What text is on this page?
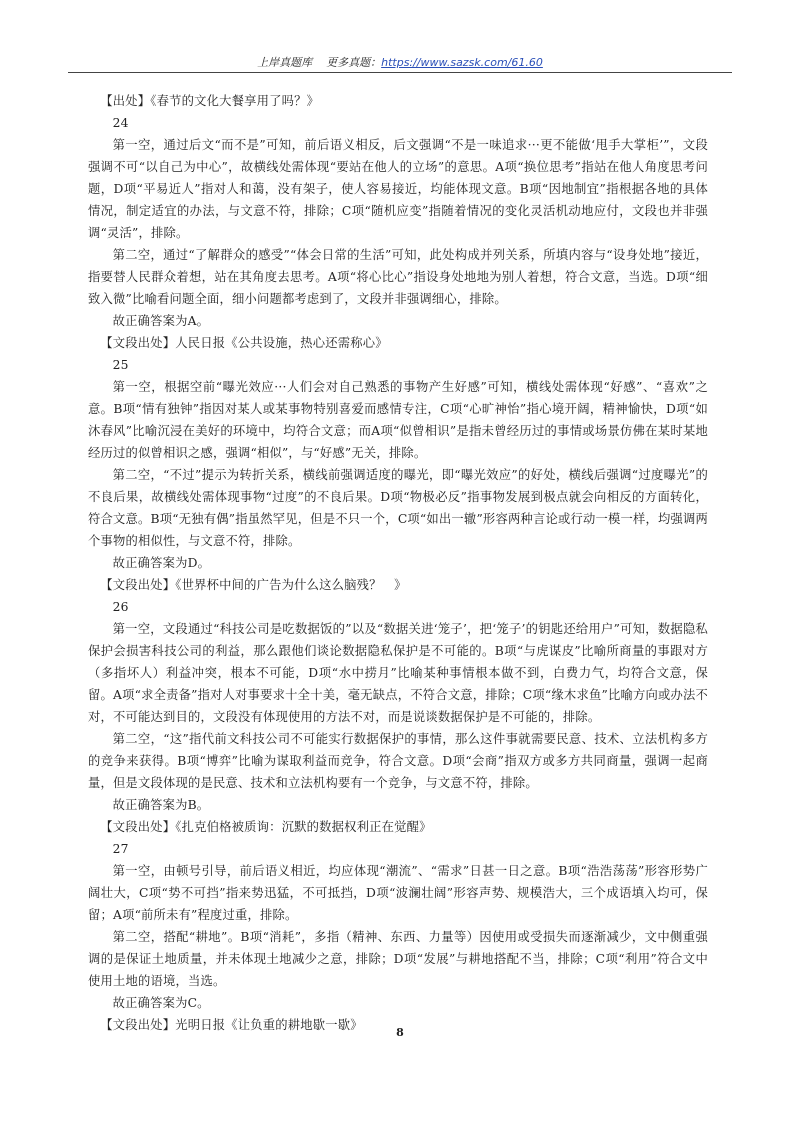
上岸真题库 更多真题：https://www.sazsk.com/61.60

【出处】《春节的文化大餐享用了吗？》

24

第一空，通过后文“而不是”可知，前后语义相反，后文强调“不是一味追求···更不能做‘甩手大掌柜’”，文段强调不可“以自己为中心”，故横线处需体现“要站在他人的立场”的意思。A项“换位思考”指站在他人角度思考问题，D项“平易近人”指对人和蔼，没有架子，使人容易接近，均能体现文意。B项“因地制宜”指根据各地的具体情况，制定适宜的办法，与文意不符，排除；C项“随机应变”指随着情况的变化灵活机动地应付，文段也并非强调“灵活”，排除。

第二空，通过“了解群众的感受”“体会日常的生活”可知，此处构成并列关系，所填内容与“设身处地”接近，指要替人民群众着想，站在其角度去思考。A项“将心比心”指设身处地地为别人着想，符合文意，当选。D项“细致入微”比喻看问题全面，细小问题都考虑到了，文段并非强调细心，排除。

故正确答案为A。

【文段出处】人民日报《公共设施，热心还需称心》

25

第一空，根据空前“曝光效应···人们会对自己熟悉的事物产生好感”可知，横线处需体现“好感”、“喜欢”之意。B项“情有独钟”指因对某人或某事物特别喜爱而感情专注，C项“心旷神怡”指心境开阔，精神愉快，D项“如沐春风”比喻沉浸在美好的环境中，均符合文意；而A项“似曾相识”是指未曾经历过的事情或场景仿佛在某时某地经历过的似曾相识之感，强调“相似”，与“好感”无关，排除。

第二空，“不过”提示为转折关系，横线前强调适度的曝光，即“曝光效应”的好处，横线后强调“过度曝光”的不良后果，故横线处需体现事物“过度”的不良后果。D项“物极必反”指事物发展到极点就会向相反的方面转化，符合文意。B项“无独有偶”指虽然罕见，但是不只一个，C项“如出一辙”形容两种言论或行动一模一样，均强调两个事物的相似性，与文意不符，排除。

故正确答案为D。

【文段出处】《世界杯中间的广告为什么这么脑残？　》

26

第一空，文段通过“科技公司是吃数据饭的”以及“数据关进‘笼子’，把‘笼子’的钥匙还给用户”可知，数据隐私保护会损害科技公司的利益，那么跟他们谈论数据隐私保护是不可能的。B项“与虎谋皮”比喻所商量的事跟对方（多指坏人）利益冲突，根本不可能，D项“水中捞月”比喻某种事情根本做不到，白费力气，均符合文意，保留。A项“求全责备”指对人对事要求十全十美，毫无缺点，不符合文意，排除；C项“缘木求鱼”比喻方向或办法不对，不可能达到目的，文段没有体现使用的方法不对，而是说谈数据保护是不可能的，排除。

第二空，“这”指代前文科技公司不可能实行数据保护的事情，那么这件事就需要民意、技术、立法机构多方的竞争来获得。B项“博弈”比喻为谋取利益而竞争，符合文意。D项“会商”指双方或多方共同商量，强调一起商量，但是文段体现的是民意、技术和立法机构要有一个竞争，与文意不符，排除。

故正确答案为B。

【文段出处】《扎克伯格被质询：沉默的数据权利正在觉醒》

27

第一空，由顿号引导，前后语义相近，均应体现“潮流”、“需求”日甚一日之意。B项“浩浩荡荡”形容形势广阔壮大，C项“势不可挡”指来势迅猛，不可抵挡，D项“波澜壮阔”形容声势、规模浩大，三个成语填入均可，保留；A项“前所未有”程度过重，排除。

第二空，搭配“耕地”。B项“消耗”，多指（精神、东西、力量等）因使用或受损失而逐渐减少，文中侧重强调的是保证土地质量，并未体现土地减少之意，排除；D项“发展”与耕地搭配不当，排除；C项“利用”符合文中使用土地的语境，当选。

故正确答案为C。

【文段出处】光明日报《让负重的耕地歇一歇》

8
